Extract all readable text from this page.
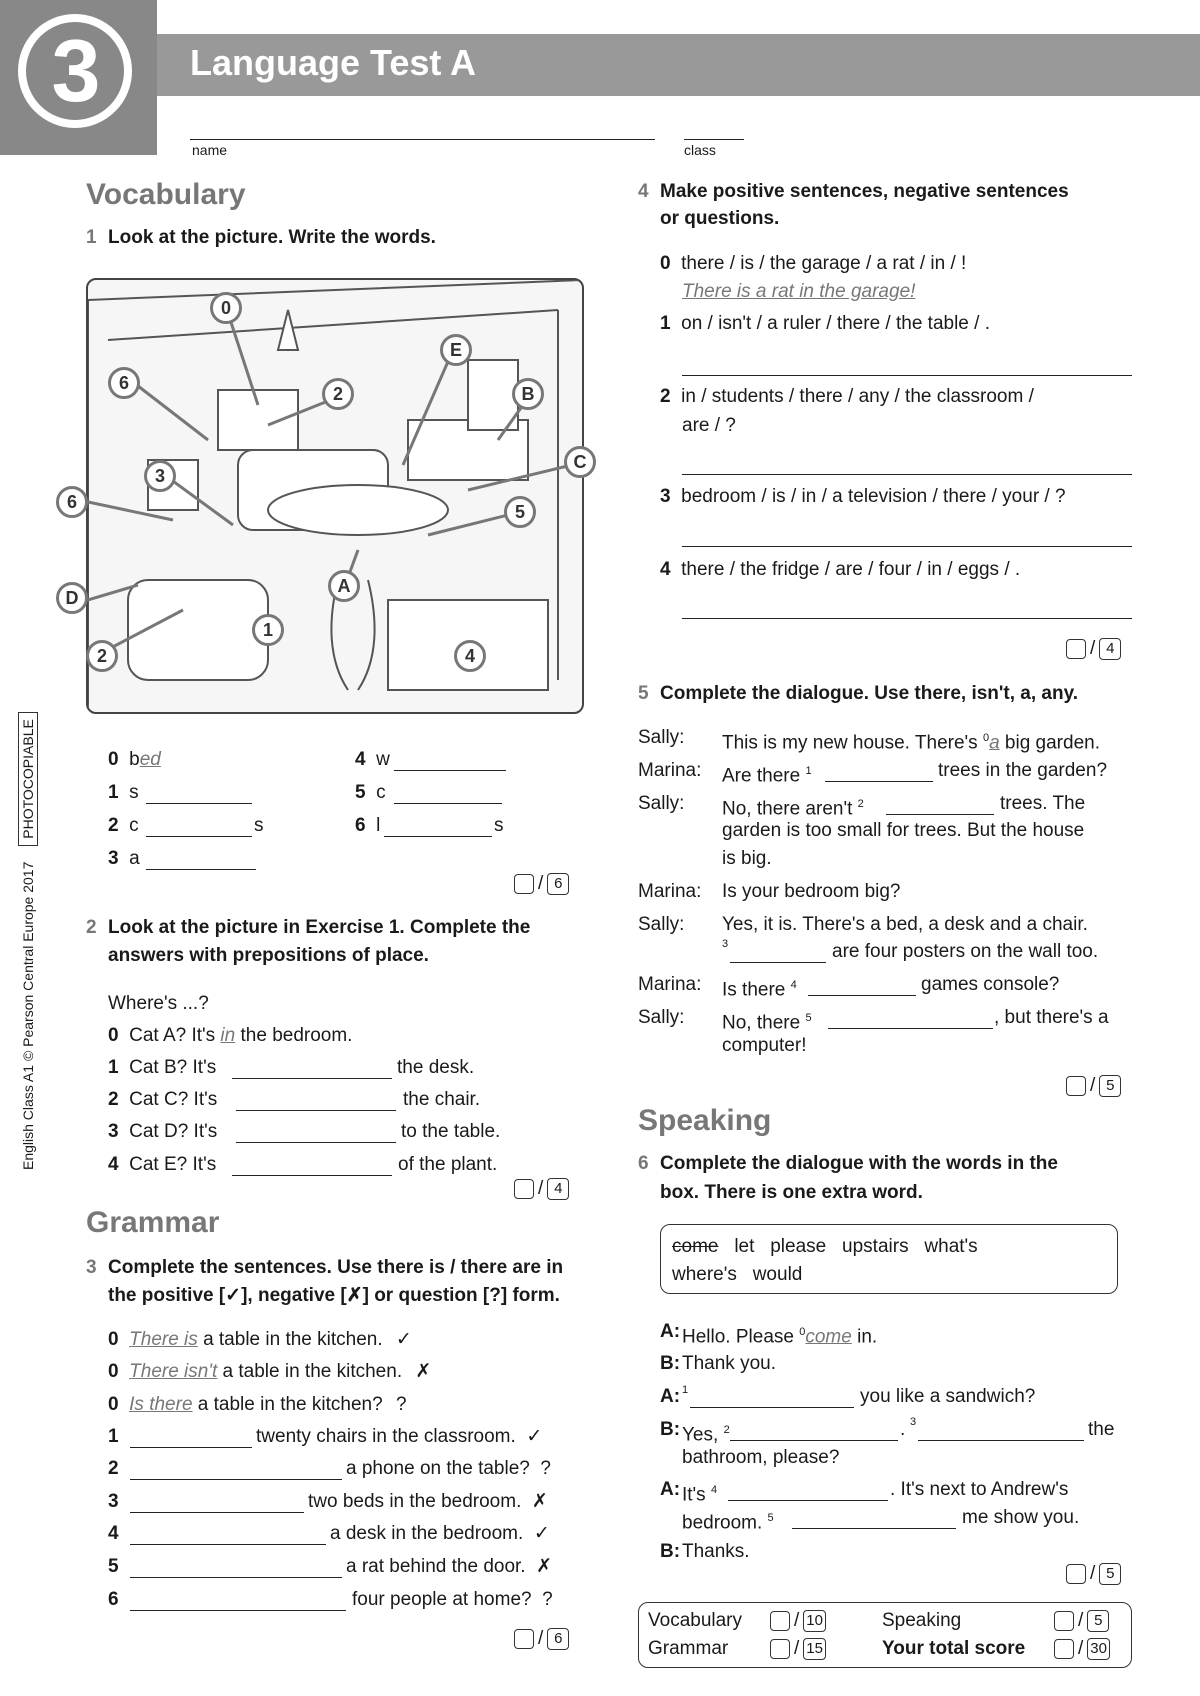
3	Language Test A
name	class
English Class A1 © Pearson Central Europe 2017 PHOTOCOPIABLE
Vocabulary
1 Look at the picture. Write the words.
0
E
6
2	B
C
3
6	5
A
D
1
2	4
0 bed
1 s
2 c	s
3 a
4 w
5 c
6 l	s
/ 6
2 Look at the picture in Exercise 1. Complete the
answers with prepositions of place.
Where's ...?
0 Cat A? It's in the bedroom.
1 Cat B? It's	the desk.
2 Cat C? It's	the chair.
3 Cat D? It's	to the table.
4 Cat E? It's	of the plant.
/ 4
Grammar
3 Complete the sentences. Use there is / there are in
the positive [✓], negative [✗] or question [?] form.
0 There is a table in the kitchen. ✓
0 There isn't a table in the kitchen. ✗
0 Is there a table in the kitchen? ?
1	twenty chairs in the classroom. ✓
2	a phone on the table? ?
3	two beds in the bedroom. ✗
4	a desk in the bedroom. ✓
5	a rat behind the door. ✗
6	four people at home? ?
/ 6
4 Make positive sentences, negative sentences
or questions.
0 there / is / the garage / a rat / in / !
There is a rat in the garage!
1 on / isn't / a ruler / there / the table / .
2 in / students / there / any / the classroom /
are / ?
3 bedroom / is / in / a television / there / your / ?
4 there / the fridge / are / four / in / eggs / .
/ 4
5 Complete the dialogue. Use there, isn't, a, any.
Sally: This is my new house. There's $^0$a big garden.
Marina: Are there $^1$	trees in the garden?
Sally: No, there aren't $^2$	trees. The
garden is too small for trees. But the house
is big.
Marina: Is your bedroom big?
Sally: Yes, it is. There's a bed, a desk and a chair.
3	are four posters on the wall too.
Marina: Is there $^4$	games console?
Sally: No, there $^5$	, but there's a
computer!
/ 5
Speaking
6 Complete the dialogue with the words in the
box. There is one extra word.
come let   please   upstairs   what's
where's   would
A: Hello. Please $^0$come in.
B: Thank you.
A: 1	you like a sandwich?
B: Yes, $^2$	. 3	the
bathroom, please?
A: It's $^4$	. It's next to Andrew's
bedroom. $^5$	me show you.
B: Thanks.
/ 5
Vocabulary	/ 10
Grammar	/ 15
Speaking	/ 5
Your total score	/ 30
